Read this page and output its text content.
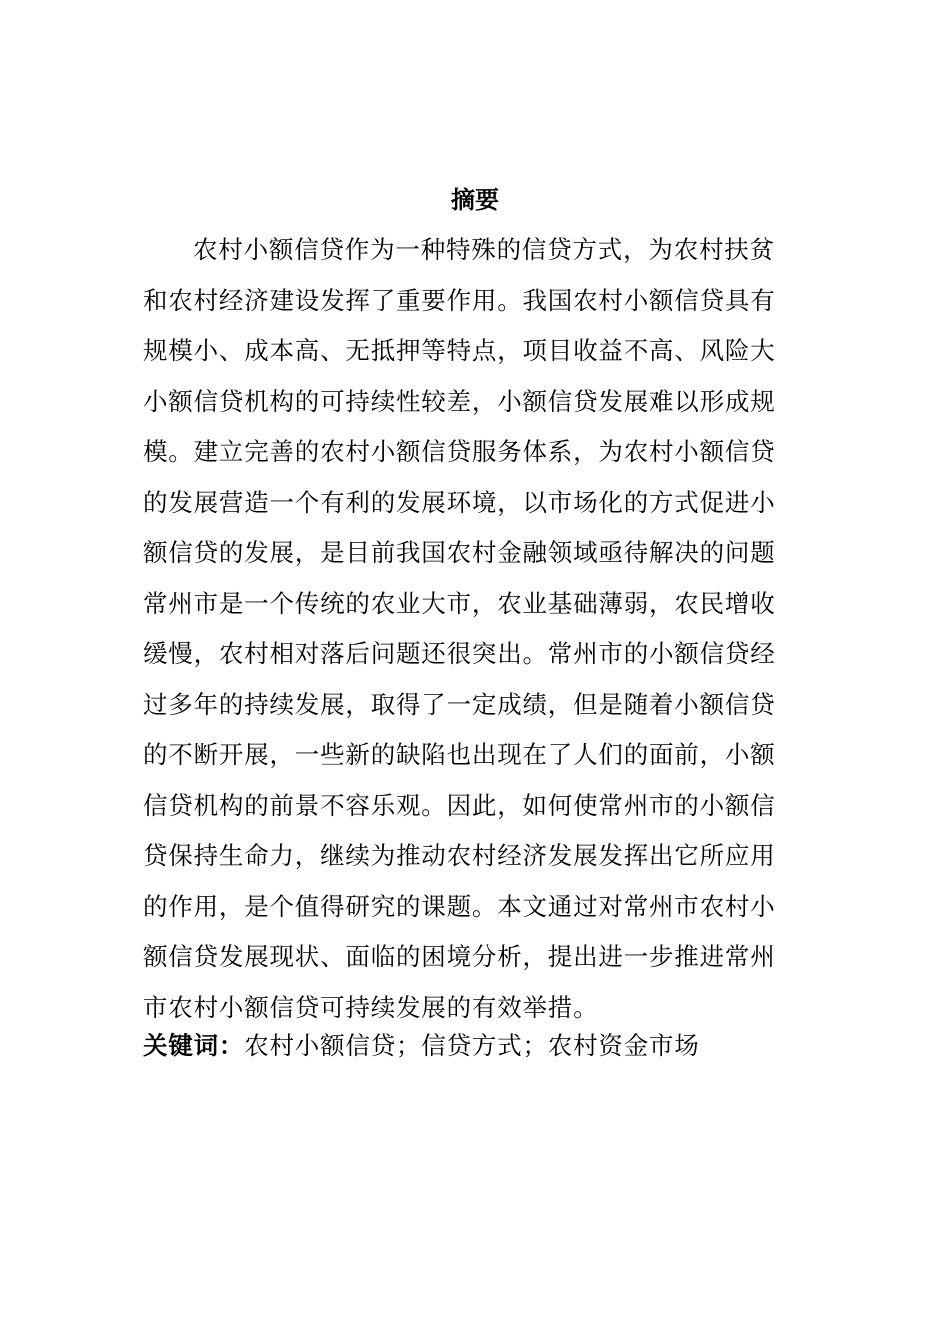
摘要
农村小额信贷作为一种特殊的信贷方式，为农村扶贫
和农村经济建设发挥了重要作用。我国农村小额信贷具有
规模小、成本高、无抵押等特点，项目收益不高、风险大
小额信贷机构的可持续性较差，小额信贷发展难以形成规
模。建立完善的农村小额信贷服务体系，为农村小额信贷
的发展营造一个有利的发展环境，以市场化的方式促进小
额信贷的发展，是目前我国农村金融领域亟待解决的问题
常州市是一个传统的农业大市，农业基础薄弱，农民增收
缓慢，农村相对落后问题还很突出。常州市的小额信贷经
过多年的持续发展，取得了一定成绩，但是随着小额信贷
的不断开展，一些新的缺陷也出现在了人们的面前，小额
信贷机构的前景不容乐观。因此，如何使常州市的小额信
贷保持生命力，继续为推动农村经济发展发挥出它所应用
的作用，是个值得研究的课题。本文通过对常州市农村小
额信贷发展现状、面临的困境分析，提出进一步推进常州
市农村小额信贷可持续发展的有效举措。
关键词：农村小额信贷；信贷方式；农村资金市场
